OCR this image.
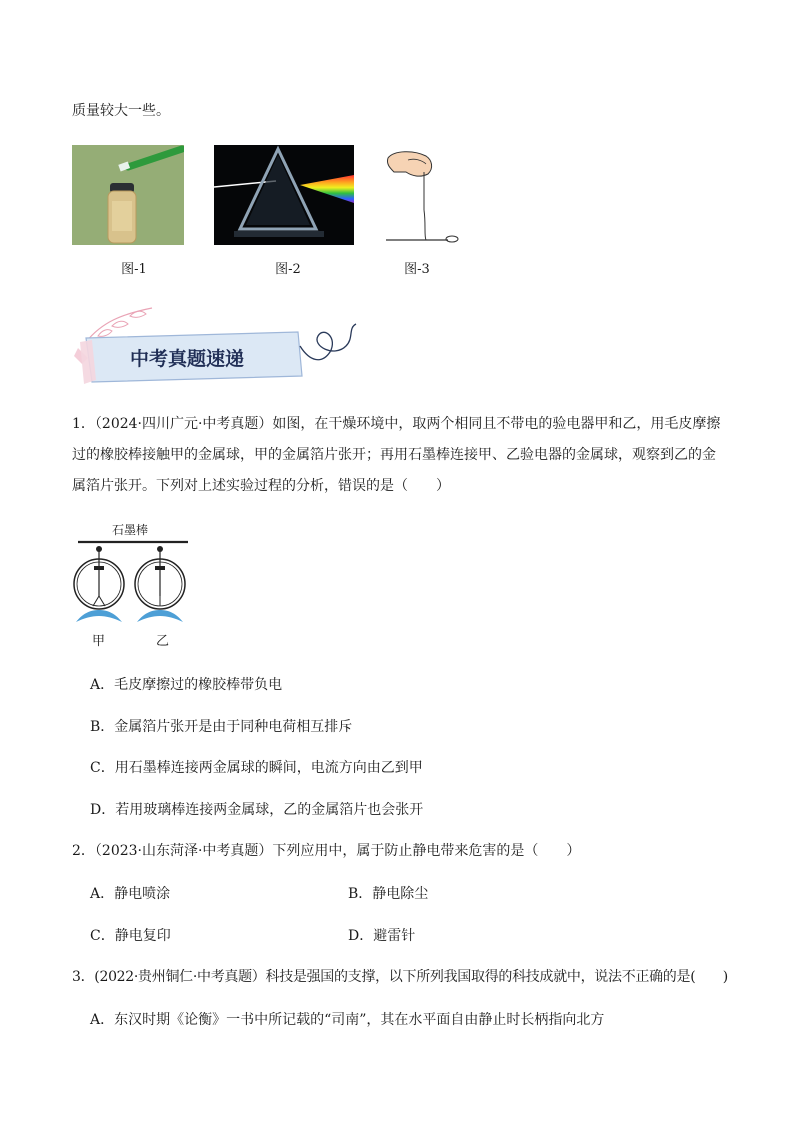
质量较大一些。
图-1	图-2	图-3
中考真题速递
1．（2024·四川广元·中考真题）如图，在干燥环境中，取两个相同且不带电的验电器甲和乙，用毛皮摩擦
过的橡胶棒接触甲的金属球，甲的金属箔片张开；再用石墨棒连接甲、乙验电器的金属球，观察到乙的金
属箔片张开。下列对上述实验过程的分析，错误的是（　　）
石墨棒
甲	乙
A．毛皮摩擦过的橡胶棒带负电
B．金属箔片张开是由于同种电荷相互排斥
C．用石墨棒连接两金属球的瞬间，电流方向由乙到甲
D．若用玻璃棒连接两金属球，乙的金属箔片也会张开
2．（2023·山东菏泽·中考真题）下列应用中，属于防止静电带来危害的是（　　）
A．静电喷涂	B．静电除尘
C．静电复印	D．避雷针
3．(2022·贵州铜仁·中考真题）科技是强国的支撑，以下所列我国取得的科技成就中，说法不正确的是(　　)
A．东汉时期《论衡》一书中所记载的“司南”，其在水平面自由静止时长柄指向北方
